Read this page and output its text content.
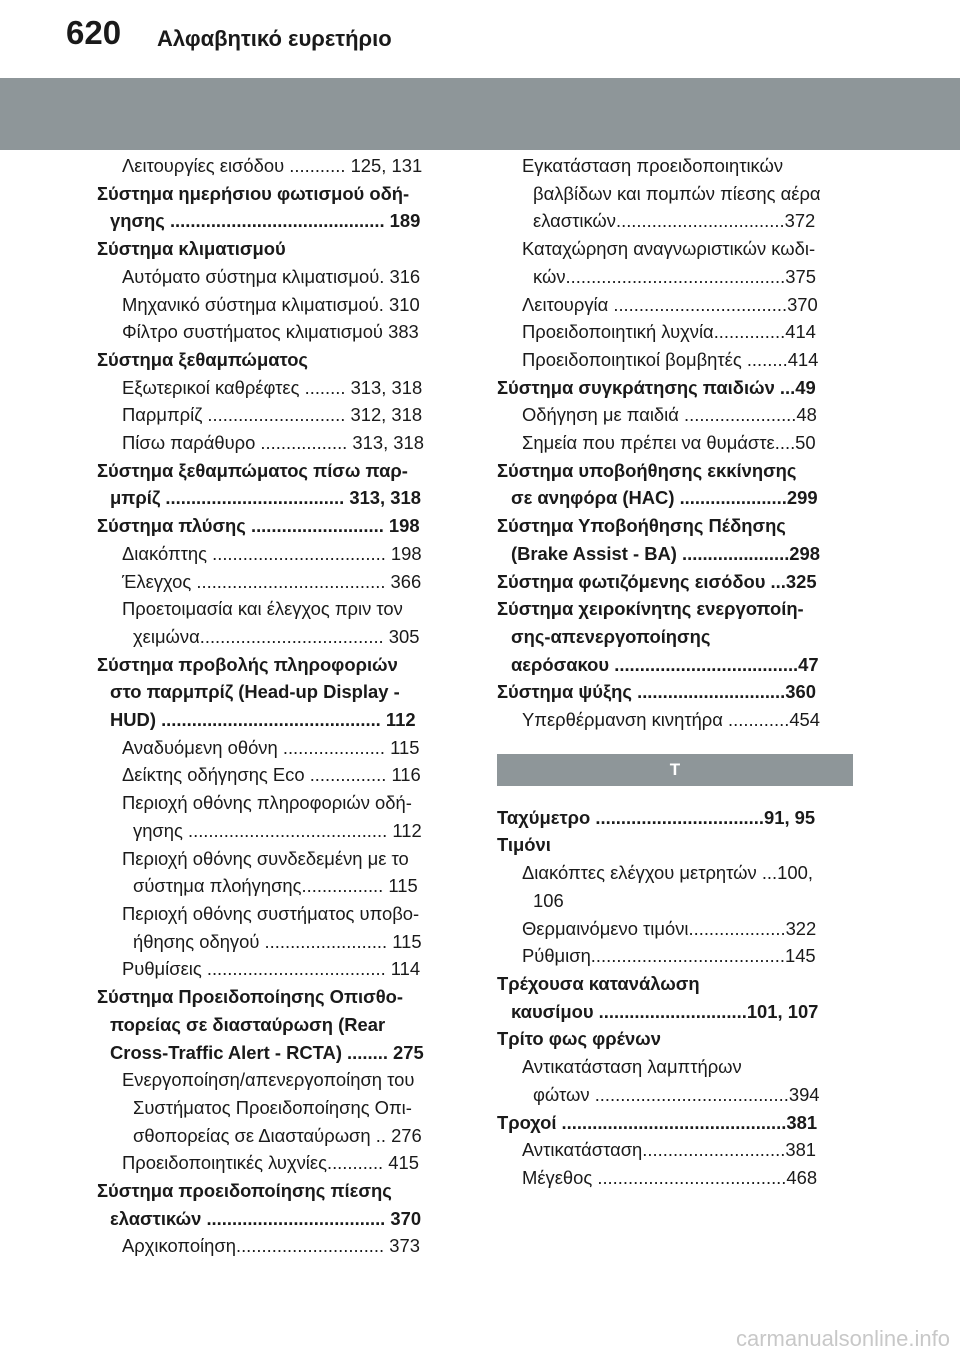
620 Αλφαβητικό ευρετήριο
Λειτουργίες εισόδου ........... 125, 131
Σύστημα ημερήσιου φωτισμού οδή-
γησης .......................................... 189
Σύστημα κλιματισμού
Αυτόματο σύστημα κλιματισμού. 316
Μηχανικό σύστημα κλιματισμού. 310
Φίλτρο συστήματος κλιματισμού 383
Σύστημα ξεθαμπώματος
Εξωτερικοί καθρέφτες ........ 313, 318
Παρμπρίζ ........................... 312, 318
Πίσω παράθυρο ................. 313, 318
Σύστημα ξεθαμπώματος πίσω παρ-
μπρίζ ................................... 313, 318
Σύστημα πλύσης .......................... 198
Διακόπτης .................................. 198
Έλεγχος ..................................... 366
Προετοιμασία και έλεγχος πριν τον
χειμώνα.................................... 305
Σύστημα προβολής πληροφοριών
στο παρμπρίζ (Head-up Display -
HUD) ........................................... 112
Αναδυόμενη οθόνη .................... 115
Δείκτης οδήγησης Eco ............... 116
Περιοχή οθόνης πληροφοριών οδή-
γησης ....................................... 112
Περιοχή οθόνης συνδεδεμένη με το
σύστημα πλοήγησης................ 115
Περιοχή οθόνης συστήματος υποβο-
ήθησης οδηγού ........................ 115
Ρυθμίσεις ................................... 114
Σύστημα Προειδοποίησης Οπισθο-
πορείας σε διασταύρωση (Rear
Cross-Traffic Alert - RCTA) ........ 275
Ενεργοποίηση/απενεργοποίηση του
Συστήματος Προειδοποίησης Οπι-
σθοπορείας σε Διασταύρωση .. 276
Προειδοποιητικές λυχνίες........... 415
Σύστημα προειδοποίησης πίεσης
ελαστικών ................................... 370
Αρχικοποίηση............................. 373
Εγκατάσταση προειδοποιητικών
βαλβίδων και πομπών πίεσης αέρα
ελαστικών.................................372
Καταχώρηση αναγνωριστικών κωδι-
κών...........................................375
Λειτουργία ..................................370
Προειδοποιητική λυχνία..............414
Προειδοποιητικοί βομβητές ........414
Σύστημα συγκράτησης παιδιών ...49
Οδήγηση με παιδιά ......................48
Σημεία που πρέπει να θυμάστε....50
Σύστημα υποβοήθησης εκκίνησης
σε ανηφόρα (HAC) .....................299
Σύστημα Υποβοήθησης Πέδησης
(Brake Assist - BA) .....................298
Σύστημα φωτιζόμενης εισόδου ...325
Σύστημα χειροκίνητης ενεργοποίη-
σης-απενεργοποίησης
αερόσακου ....................................47
Σύστημα ψύξης .............................360
Υπερθέρμανση κινητήρα ............454
T
Ταχύμετρο .................................91, 95
Τιμόνι
Διακόπτες ελέγχου μετρητών ...100,
106
Θερμαινόμενο τιμόνι...................322
Ρύθμιση......................................145
Τρέχουσα κατανάλωση
καυσίμου .............................101, 107
Τρίτο φως φρένων
Αντικατάσταση λαμπτήρων
φώτων ......................................394
Τροχοί ............................................381
Αντικατάσταση............................381
Μέγεθος .....................................468
carmanualsonline.info
